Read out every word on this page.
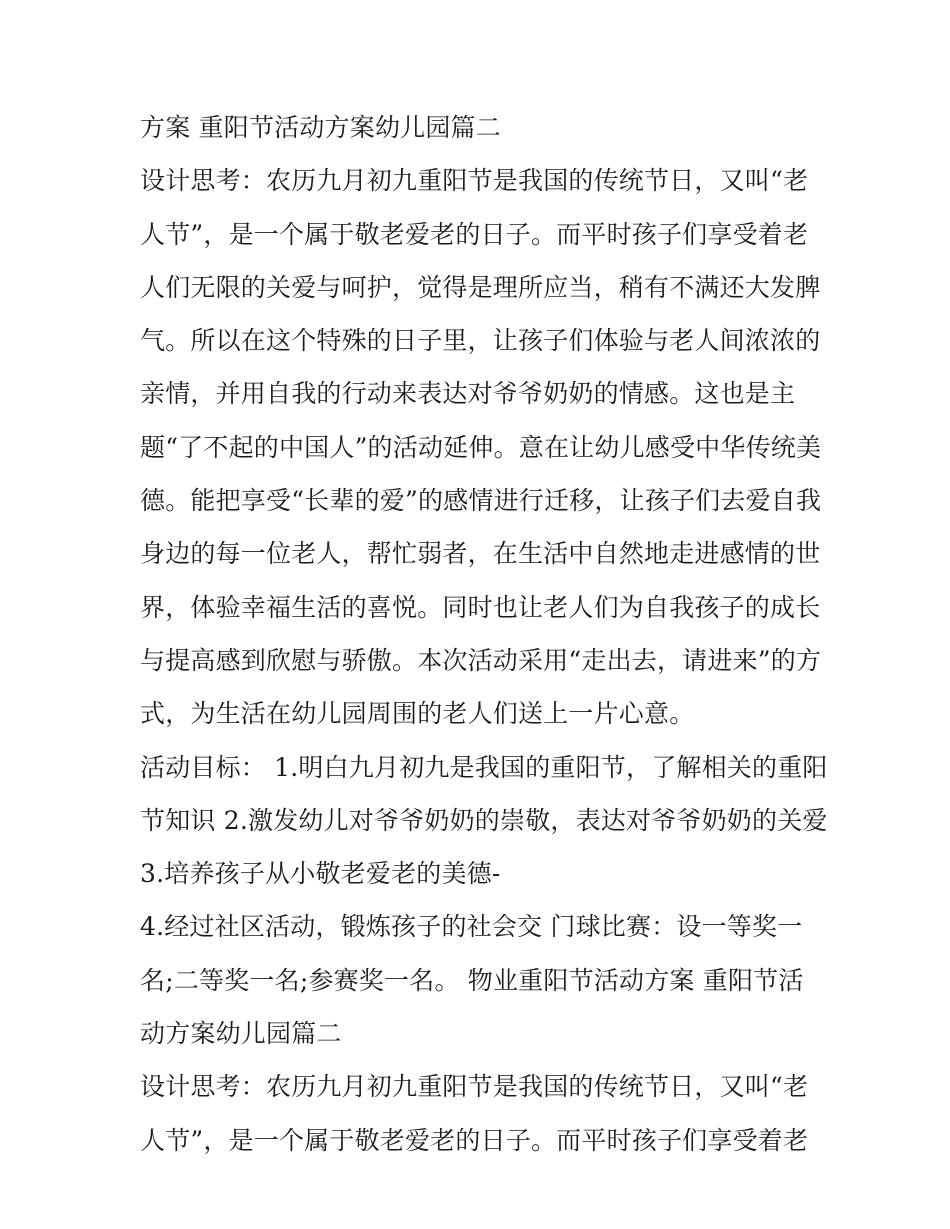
方案 重阳节活动方案幼儿园篇二
设计思考：农历九月初九重阳节是我国的传统节日，又叫“老
人节”，是一个属于敬老爱老的日子。而平时孩子们享受着老
人们无限的关爱与呵护，觉得是理所应当，稍有不满还大发脾
气。所以在这个特殊的日子里，让孩子们体验与老人间浓浓的
亲情，并用自我的行动来表达对爷爷奶奶的情感。这也是主
题“了不起的中国人”的活动延伸。意在让幼儿感受中华传统美
德。能把享受“长辈的爱”的感情进行迁移，让孩子们去爱自我
身边的每一位老人，帮忙弱者，在生活中自然地走进感情的世
界，体验幸福生活的喜悦。同时也让老人们为自我孩子的成长
与提高感到欣慰与骄傲。本次活动采用“走出去，请进来”的方
式，为生活在幼儿园周围的老人们送上一片心意。
活动目标： 1.明白九月初九是我国的重阳节，了解相关的重阳
节知识 2.激发幼儿对爷爷奶奶的崇敬，表达对爷爷奶奶的关爱
3.培养孩子从小敬老爱老的美德-
4.经过社区活动，锻炼孩子的社会交 门球比赛：设一等奖一
名;二等奖一名;参赛奖一名。 物业重阳节活动方案 重阳节活
动方案幼儿园篇二
设计思考：农历九月初九重阳节是我国的传统节日，又叫“老
人节”，是一个属于敬老爱老的日子。而平时孩子们享受着老
